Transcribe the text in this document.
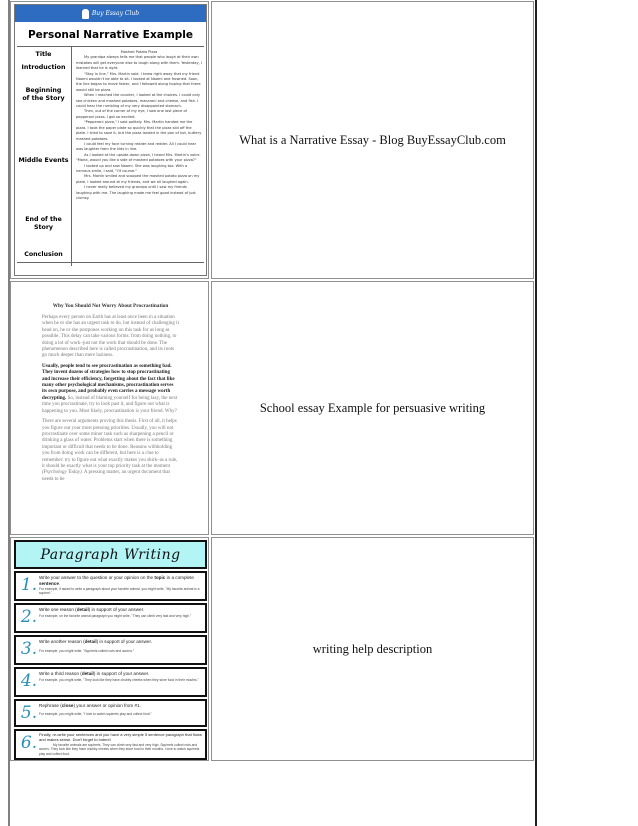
Buy Essay Club
Personal Narrative Example
Title
Introduction
Beginning of the Story
Middle Events
End of the Story
Conclusion

Mashed Potato Pizza

My grandpa always tells me that people who laugh at their own mistakes will get everyone else to laugh along with them. Yesterday, I learned that he is right.

"Stay in line," Mrs. Martin said. I knew right away that my friend Naomi wouldn't be able to sit. I looked at Naomi and frowned. Soon, the line began to move faster, and I followed along hoping that there would still be pizza.

When I reached the counter, I looked at the choices. I could only see chicken and mashed potatoes, macaroni and cheese, and fish. I could hear the rumbling of my very disappointed stomach.

Then, out of the corner of my eye, I saw one last piece of pepperoni pizza. I got so excited.

"Pepperoni pizza," I said politely. Mrs. Martin handed me the pizza. I took the paper plate so quickly that the pizza slid off the plate. I tried to save it, but the pizza landed in the pan of hot, buttery mashed potatoes.

I could feel my face turning redder and redder. All I could hear was laughter from the kids in line.

As I looked at the upside-down pizza, I heard Mrs. Martin's voice. "Maria, would you like a side of mashed potatoes with your pizza?"

I looked up and saw Naomi. She was laughing too. With a nervous smile, I said, "Of course."

Mrs. Martin smiled and scooped the mashed potato pizza on my plate. I looked around at my friends, and we all laughed again.

I never really believed my grandpa until I saw my friends laughing with me. The laughing made me feel good instead of just clumsy.

What is a Narrative Essay - Blog BuyEssayClub.com
Why You Should Not Worry About Procrastination

Perhaps every person on Earth has at least once been in a situation when he or she has an urgent task to do, but instead of challenging it head on, he or she postpones working on this task for as long as possible. This delay can take various forms: from doing nothing, to doing a lot of work–just not the work that should be done. The phenomenon described here is called procrastination, and its roots go much deeper than mere laziness.

Usually, people tend to see procrastination as something bad. They invent dozens of strategies how to stop procrastinating and increase their efficiency, forgetting about the fact that like many other psychological mechanisms, procrastination serves its own purpose, and probably even carries a message worth decrypting. So, instead of blaming yourself for being lazy, the next time you procrastinate, try to look past it, and figure out what is happening to you. Most likely, procrastination is your friend. Why?

There are several arguments proving this thesis. First of all, it helps you figure out your most pressing priorities. Usually, you will not procrastinate over some minor task such as sharpening a pencil or drinking a glass of water. Problems start when there is something important or difficult that needs to be done. Reasons withholding you from doing work can be different, but here is a clue to remember: try to figure out what exactly makes you shirk–as a rule, it should be exactly what is your top priority task at the moment (Psychology Today). A pressing matter, an urgent document that needs to be

School essay Example for persuasive writing
Paragraph Writing
1. Write your answer to the question or your opinion on the topic in a complete sentence.
For example, if asked to write a paragraph about your favorite animal, you might write, "My favorite animal is a squirrel."
2. Write one reason (detail) in support of your answer.
For example, on the favorite animal paragraph you might write, "They can climb very fast and very high."
3. Write another reason (detail) in support of your answer.
For example, you might write, "Squirrels collect nuts and acorns."
4. Write a third reason (detail) in support of your answer.
For example, you might write, "They look like they have chubby cheeks when they store food in their mouths."
5. Rephrase (close) your answer or opinion from #1.
For example, you might write, "I love to watch squirrels play and collect food."
6. Finally, re-write your sentences and you have a very simple 5 sentence paragraph that flows and makes sense. Don't forget to indent!
My favorite animals are squirrels. They can climb very fast and very high. Squirrels collect nuts and acorns. They look like they have chubby cheeks when they store food in their mouths. I love to watch squirrels play and collect food.
writing help description
